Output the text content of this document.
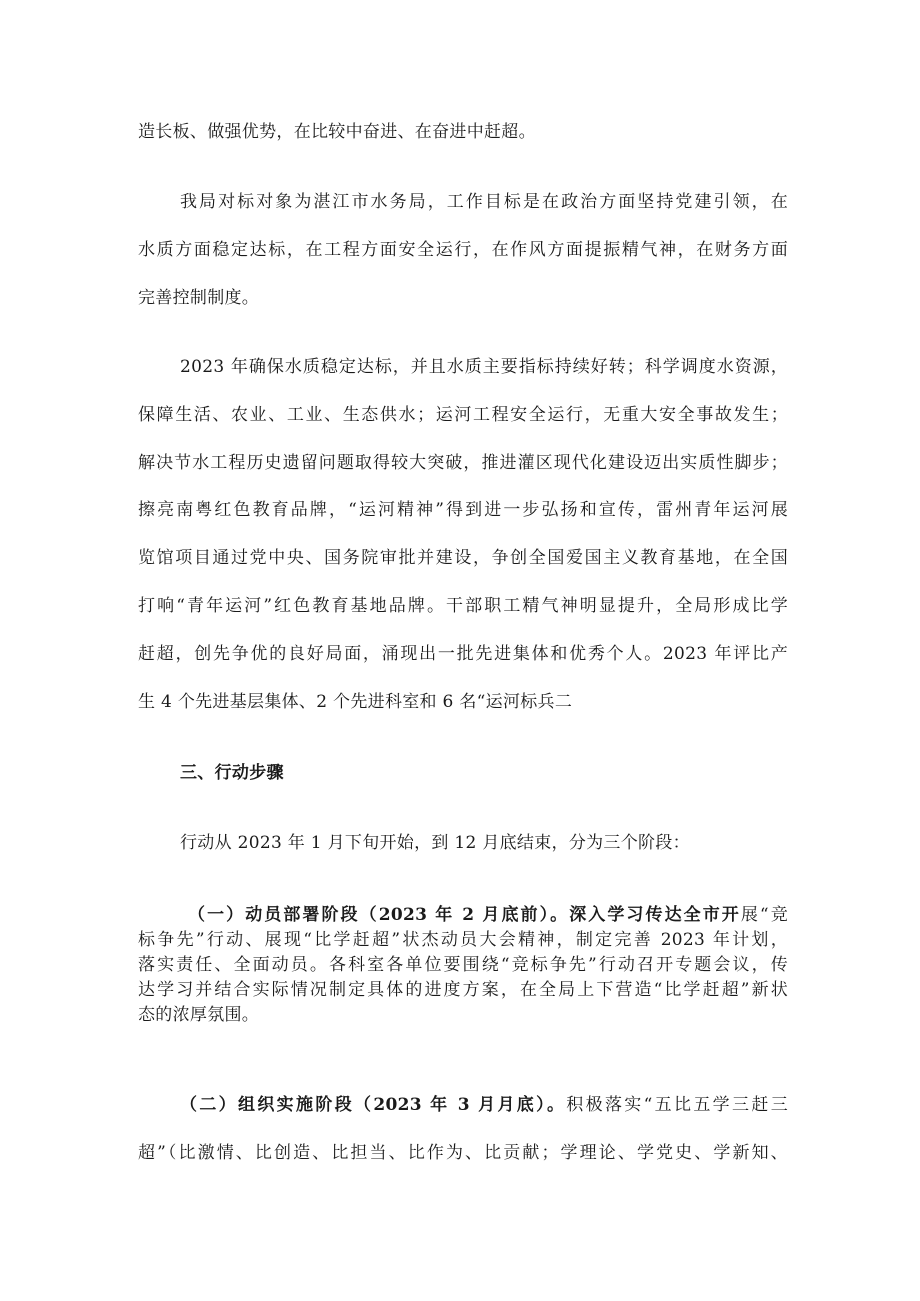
造长板、做强优势，在比较中奋进、在奋进中赶超。
我局对标对象为湛江市水务局，工作目标是在政治方面坚持党建引领，在
水质方面稳定达标，在工程方面安全运行，在作风方面提振精气神，在财务方面
完善控制制度。
2023 年确保水质稳定达标，并且水质主要指标持续好转；科学调度水资源，
保障生活、农业、工业、生态供水；运河工程安全运行，无重大安全事故发生；
解决节水工程历史遗留问题取得较大突破，推进灌区现代化建设迈出实质性脚步；
擦亮南粤红色教育品牌，“运河精神”得到进一步弘扬和宣传，雷州青年运河展
览馆项目通过党中央、国务院审批并建设，争创全国爱国主义教育基地，在全国
打响“青年运河”红色教育基地品牌。干部职工精气神明显提升，全局形成比学
赶超，创先争优的良好局面，涌现出一批先进集体和优秀个人。2023 年评比产
生 4 个先进基层集体、2 个先进科室和 6 名“运河标兵二
三、行动步骤
行动从 2023 年 1 月下旬开始，到 12 月底结束，分为三个阶段：

（一）动员部署阶段（2023 年 2 月底前）。深入学习传达全市开展“竞

标争先”行动、展现“比学赶超”状杰动员大会精神，制定完善 2023 年计划，

落实责任、全面动员。各科室各单位要围绕“竞标争先”行动召开专题会议，传

达学习并结合实际情况制定具体的进度方案，在全局上下营造“比学赶超”新状

态的浓厚氛围。

（二）组织实施阶段（2023 年 3 月月底）。积极落实“五比五学三赶三
超”（比激情、比创造、比担当、比作为、比贡献；学理论、学党史、学新知、
